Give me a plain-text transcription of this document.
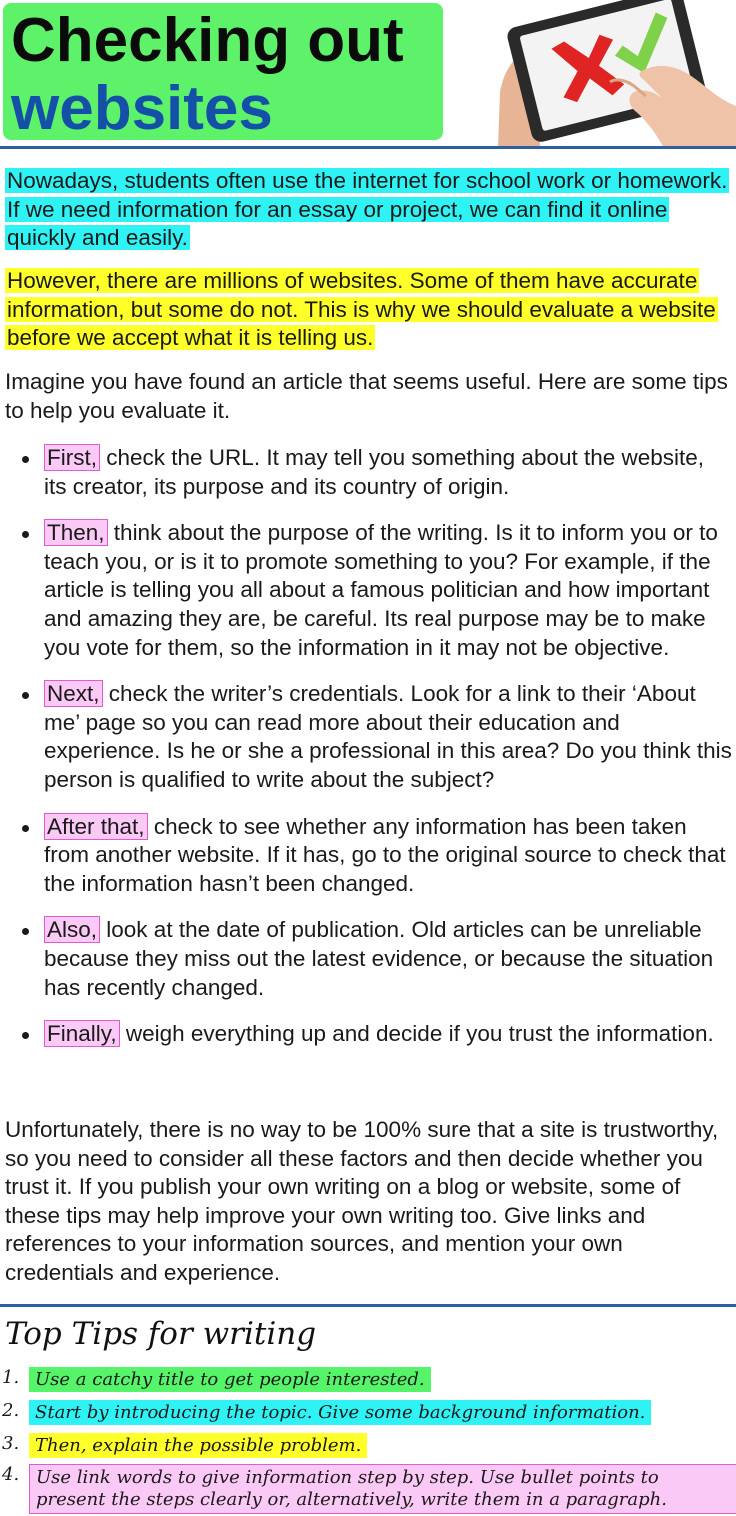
Checking out
websites
Nowadays, students often use the internet for school work or homework. If we need information for an essay or project, we can find it online quickly and easily.
However, there are millions of websites. Some of them have accurate information, but some do not. This is why we should evaluate a website before we accept what it is telling us.
Imagine you have found an article that seems useful. Here are some tips to help you evaluate it.
First, check the URL. It may tell you something about the website, its creator, its purpose and its country of origin.
Then, think about the purpose of the writing. Is it to inform you or to teach you, or is it to promote something to you? For example, if the article is telling you all about a famous politician and how important and amazing they are, be careful. Its real purpose may be to make you vote for them, so the information in it may not be objective.
Next, check the writer’s credentials. Look for a link to their ‘About me’ page so you can read more about their education and experience. Is he or she a professional in this area? Do you think this person is qualified to write about the subject?
After that, check to see whether any information has been taken from another website. If it has, go to the original source to check that the information hasn’t been changed.
Also, look at the date of publication. Old articles can be unreliable because they miss out the latest evidence, or because the situation has recently changed.
Finally, weigh everything up and decide if you trust the information.
Unfortunately, there is no way to be 100% sure that a site is trustworthy, so you need to consider all these factors and then decide whether you trust it. If you publish your own writing on a blog or website, some of these tips may help improve your own writing too. Give links and references to your information sources, and mention your own credentials and experience.
Top Tips for writing
1. Use a catchy title to get people interested.
2. Start by introducing the topic. Give some background information.
3. Then, explain the possible problem.
4. Use link words to give information step by step. Use bullet points to
present the steps clearly or, alternatively, write them in a paragraph.
